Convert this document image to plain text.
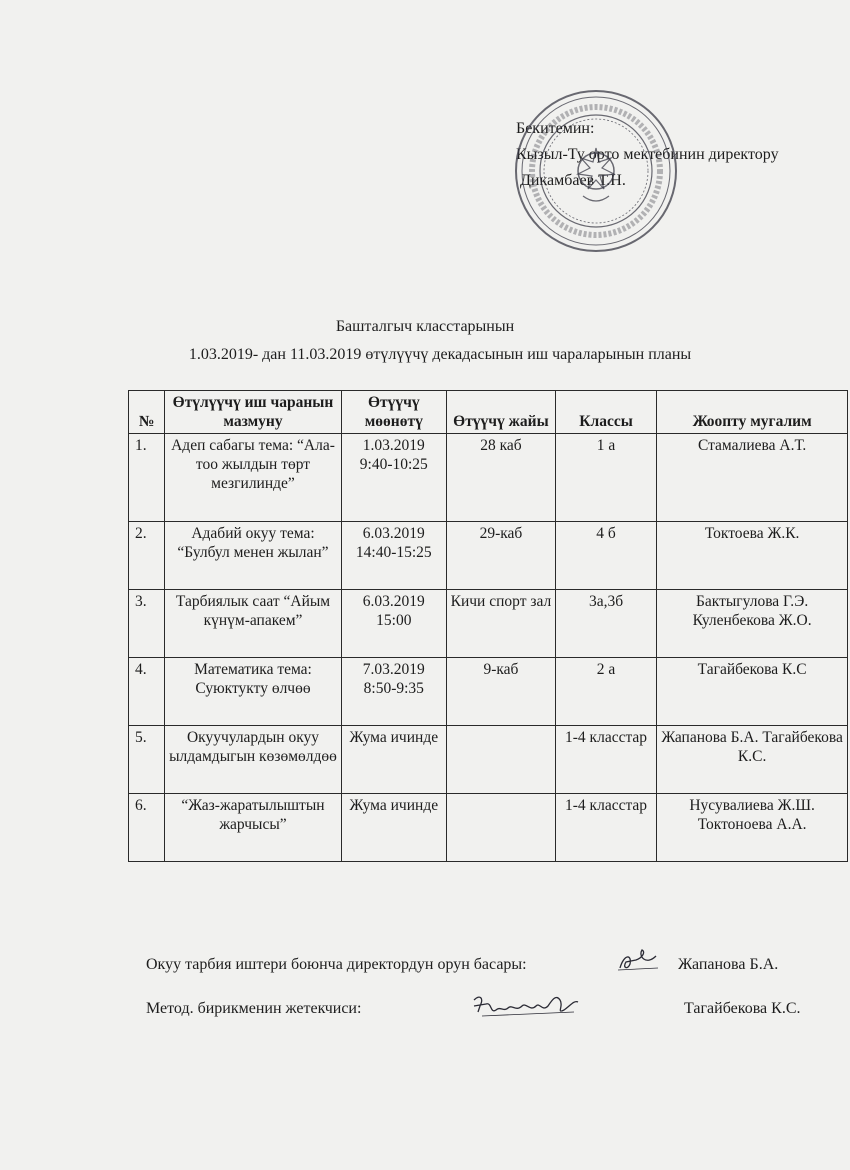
Бекитемин:
Кызыл-Ту орто мектебинин директору
Дикамбаев Т.Н.
Башталгыч класстарынын
1.03.2019- дан 11.03.2019 өтүлүүчү декадасынын иш чараларынын планы
№	Өтүлүүчү иш чаранын мазмуну	Өтүүчү мөөнөтү	Өтүүчү жайы	Классы	Жоопту мугалим
1.	Адеп сабагы тема: “Ала-тоо жылдын төрт мезгилинде”	1.03.2019 9:40-10:25	28 каб	1 а	Стамалиева А.Т.
2.	Адабий окуу тема: “Булбул менен жылан”	6.03.2019 14:40-15:25	29-каб	4 б	Токтоева Ж.К.
3.	Тарбиялык саат “Айым күнүм-апакем”	6.03.2019 15:00	Кичи спорт зал	3а,3б	Бактыгулова Г.Э. Куленбекова Ж.О.
4.	Математика тема: Суюктукту өлчөө	7.03.2019 8:50-9:35	9-каб	2 а	Тагайбекова К.С
5.	Окуучулардын окуу ылдамдыгын көзөмөлдөө	Жума ичинде		1-4 класстар	Жапанова Б.А. Тагайбекова К.С.
6.	“Жаз-жаратылыштын жарчысы”	Жума ичинде		1-4 класстар	Нусувалиева Ж.Ш. Токтоноева А.А.
Окуу тарбия иштери боюнча директордун орун басары:	Жапанова Б.А.
Метод. бирикменин жетекчиси:	Тагайбекова К.С.
